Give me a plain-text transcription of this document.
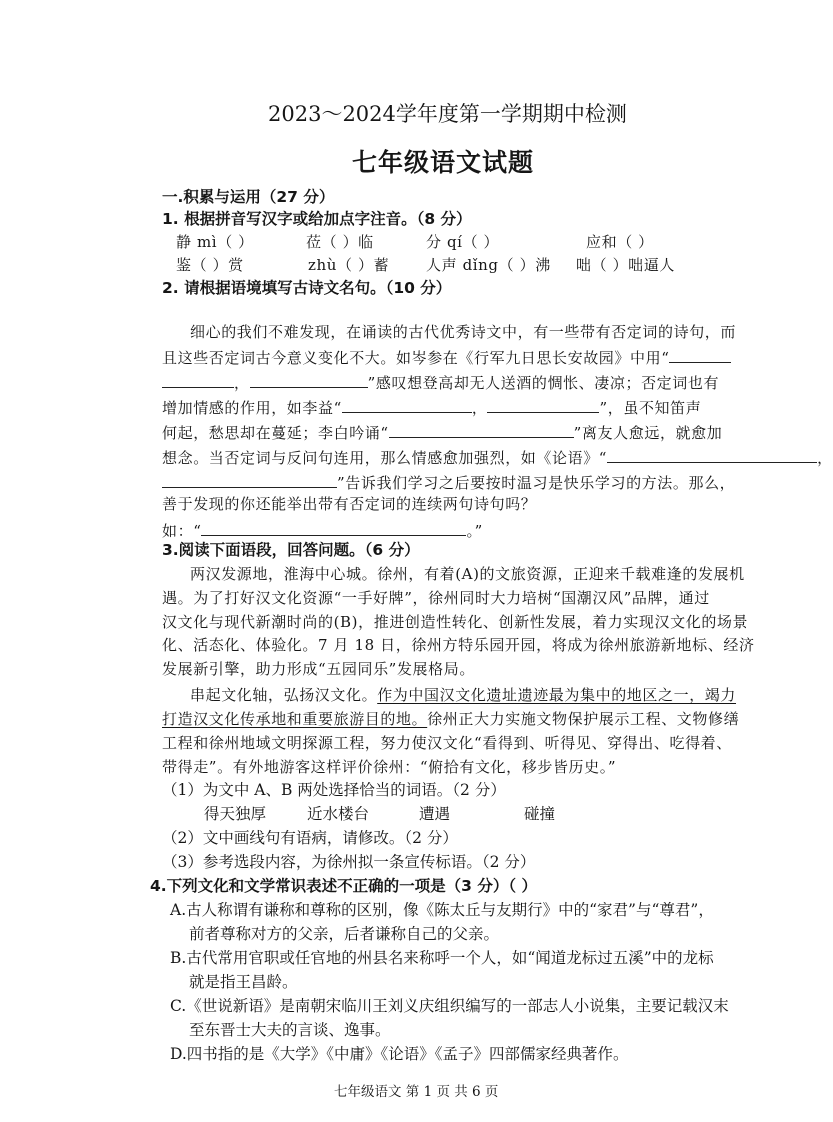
2023～2024学年度第一学期期中检测
七年级语文试题
一.积累与运用（27 分）
1. 根据拼音写汉字或给加点字注音。（8 分）
静 mì（ ）	莅（ ）临	分 qí（ ）	应和（ ）
鉴（ ）赏	zhù（ ）蓄 人声 dǐng（ ）沸 咄（ ）咄逼人
2. 请根据语境填写古诗文名句。（10 分）
细心的我们不难发现，在诵读的古代优秀诗文中，有一些带有否定词的诗句，而
且这些否定词古今意义变化不大。如岑参在《行军九日思长安故园》中用“
，	”感叹想登高却无人送酒的惆怅、凄凉；否定词也有
增加情感的作用，如李益“	，	”，虽不知笛声
何起，愁思却在蔓延；李白吟诵“	”离友人愈远，就愈加
想念。当否定词与反问句连用，那么情感愈加强烈，如《论语》“	，
”告诉我们学习之后要按时温习是快乐学习的方法。那么，
善于发现的你还能举出带有否定词的连续两句诗句吗？
如：“	。”
3.阅读下面语段，回答问题。（6 分）
两汉发源地，淮海中心城。徐州，有着(A)的文旅资源，正迎来千载难逢的发展机
遇。为了打好汉文化资源“一手好牌”，徐州同时大力培树“国潮汉风”品牌，通过
汉文化与现代新潮时尚的(B)，推进创造性转化、创新性发展，着力实现汉文化的场景
化、活态化、体验化。7 月 18 日，徐州方特乐园开园，将成为徐州旅游新地标、经济
发展新引擎，助力形成“五园同乐”发展格局。
串起文化轴，弘扬汉文化。作为中国汉文化遗址遗迹最为集中的地区之一，竭力
打造汉文化传承地和重要旅游目的地。徐州正大力实施文物保护展示工程、文物修缮
工程和徐州地域文明探源工程，努力使汉文化“看得到、听得见、穿得出、吃得着、
带得走”。有外地游客这样评价徐州：“俯拾有文化，移步皆历史。”
（1）为文中 A、B 两处选择恰当的词语。（2 分）
得天独厚	近水楼台	遭遇	碰撞
（2）文中画线句有语病，请修改。（2 分）
（3）参考选段内容，为徐州拟一条宣传标语。（2 分）
4.下列文化和文学常识表述不正确的一项是（3 分）（ ）
A.古人称谓有谦称和尊称的区别，像《陈太丘与友期行》中的“家君”与“尊君”，
前者尊称对方的父亲，后者谦称自己的父亲。
B.古代常用官职或任官地的州县名来称呼一个人，如“闻道龙标过五溪”中的龙标
就是指王昌龄。
C.《世说新语》是南朝宋临川王刘义庆组织编写的一部志人小说集，主要记载汉末
至东晋士大夫的言谈、逸事。
D.四书指的是《大学》《中庸》《论语》《孟子》四部儒家经典著作。
七年级语文 第 1 页 共 6 页
